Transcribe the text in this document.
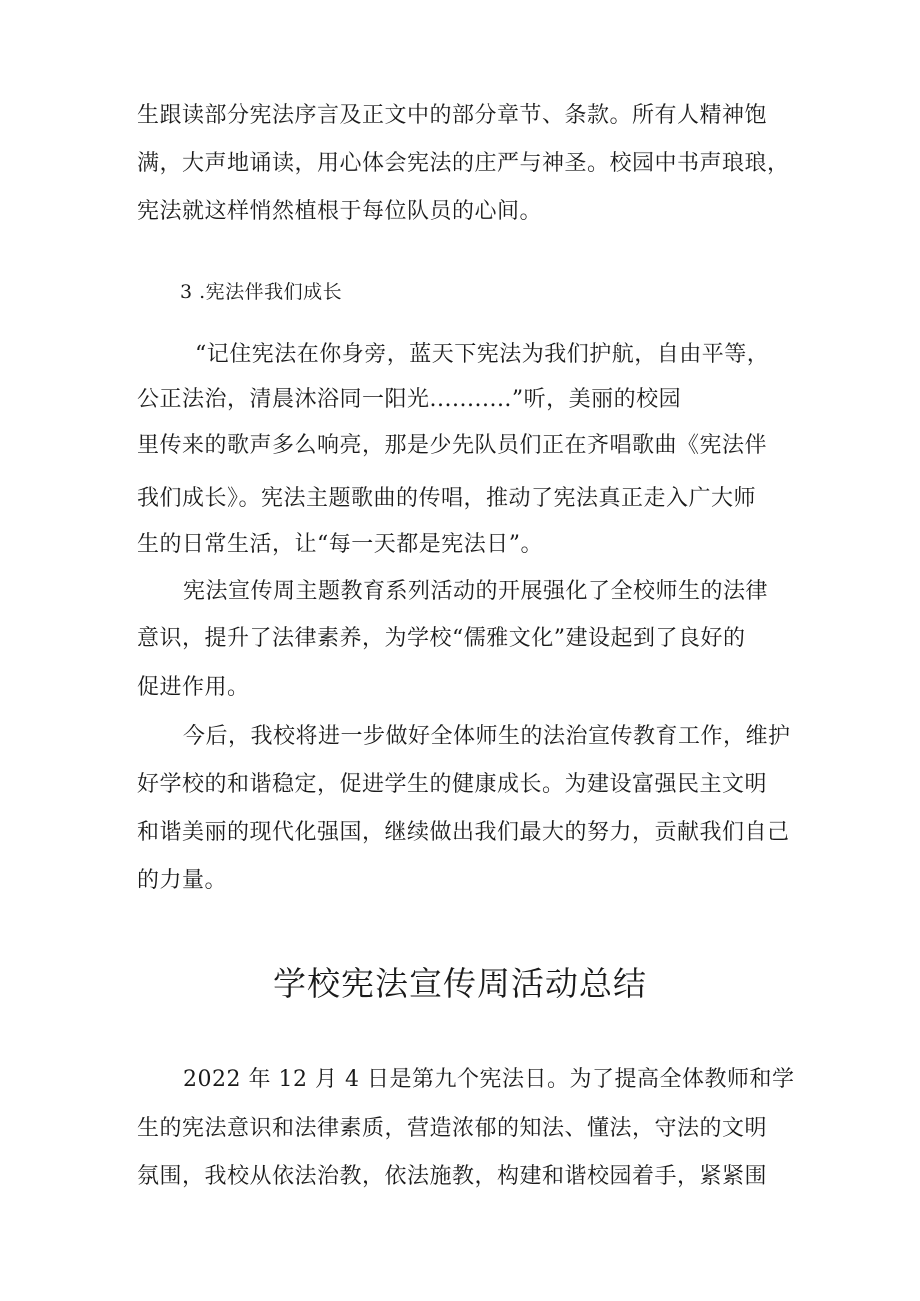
生跟读部分宪法序言及正文中的部分章节、条款。所有人精神饱
满，大声地诵读，用心体会宪法的庄严与神圣。校园中书声琅琅，
宪法就这样悄然植根于每位队员的心间。
3 .宪法伴我们成长
“记住宪法在你身旁，蓝天下宪法为我们护航，自由平等，
公正法治，清晨沐浴同一阳光...........”听，美丽的校园
里传来的歌声多么响亮，那是少先队员们正在齐唱歌曲《宪法伴
我们成长》。宪法主题歌曲的传唱，推动了宪法真正走入广大师
生的日常生活，让“每一天都是宪法日”。
宪法宣传周主题教育系列活动的开展强化了全校师生的法律
意识，提升了法律素养，为学校“儒雅文化”建设起到了良好的
促进作用。
今后，我校将进一步做好全体师生的法治宣传教育工作，维护
好学校的和谐稳定，促进学生的健康成长。为建设富强民主文明
和谐美丽的现代化强国，继续做出我们最大的努力，贡献我们自己
的力量。
学校宪法宣传周活动总结
2022 年 12 月 4 日是第九个宪法日。为了提高全体教师和学
生的宪法意识和法律素质，营造浓郁的知法、懂法，守法的文明
氛围，我校从依法治教，依法施教，构建和谐校园着手，紧紧围
